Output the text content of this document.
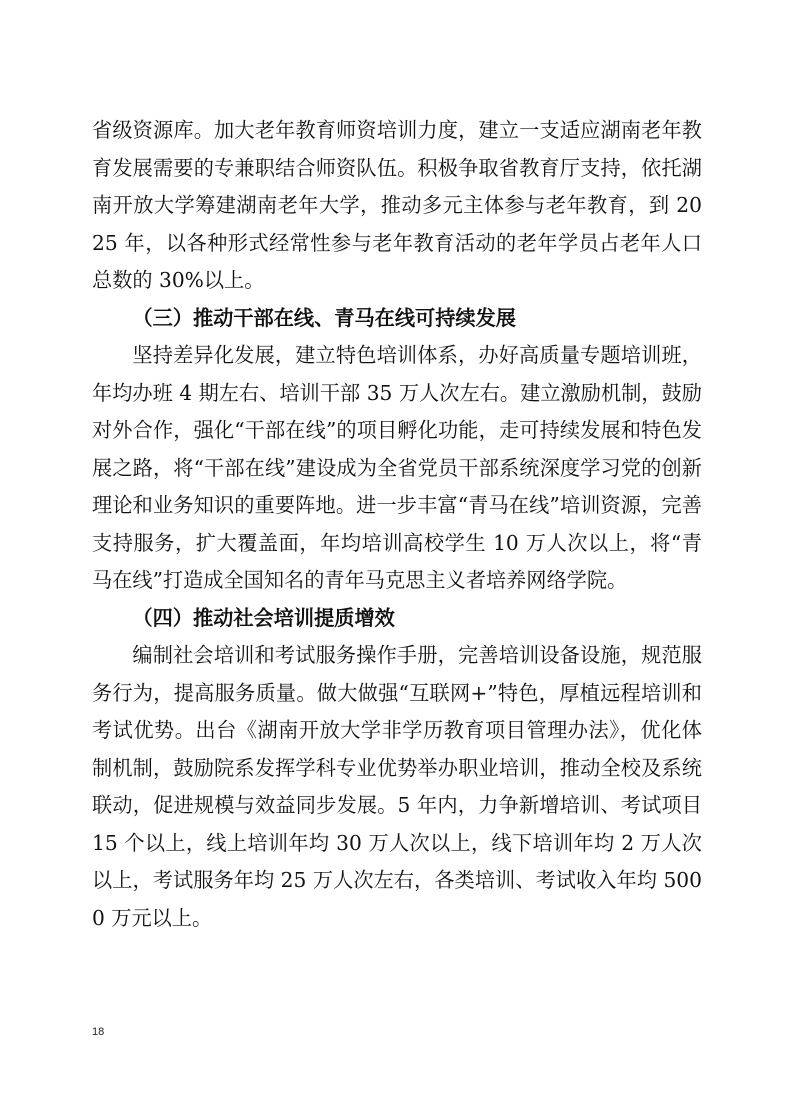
省级资源库。加大老年教育师资培训力度，建立一支适应湖南老年教育发展需要的专兼职结合师资队伍。积极争取省教育厅支持，依托湖南开放大学筹建湖南老年大学，推动多元主体参与老年教育，到 2025 年，以各种形式经常性参与老年教育活动的老年学员占老年人口总数的 30%以上。

（三）推动干部在线、青马在线可持续发展

坚持差异化发展，建立特色培训体系，办好高质量专题培训班，年均办班 4 期左右、培训干部 35 万人次左右。建立激励机制，鼓励对外合作，强化“干部在线”的项目孵化功能，走可持续发展和特色发展之路，将“干部在线”建设成为全省党员干部系统深度学习党的创新理论和业务知识的重要阵地。进一步丰富“青马在线”培训资源，完善支持服务，扩大覆盖面，年均培训高校学生 10 万人次以上，将“青马在线”打造成全国知名的青年马克思主义者培养网络学院。

（四）推动社会培训提质增效

编制社会培训和考试服务操作手册，完善培训设备设施，规范服务行为，提高服务质量。做大做强“互联网+”特色，厚植远程培训和考试优势。出台《湖南开放大学非学历教育项目管理办法》，优化体制机制，鼓励院系发挥学科专业优势举办职业培训，推动全校及系统联动，促进规模与效益同步发展。5 年内，力争新增培训、考试项目 15 个以上，线上培训年均 30 万人次以上，线下培训年均 2 万人次以上，考试服务年均 25 万人次左右，各类培训、考试收入年均 5000 万元以上。

18
